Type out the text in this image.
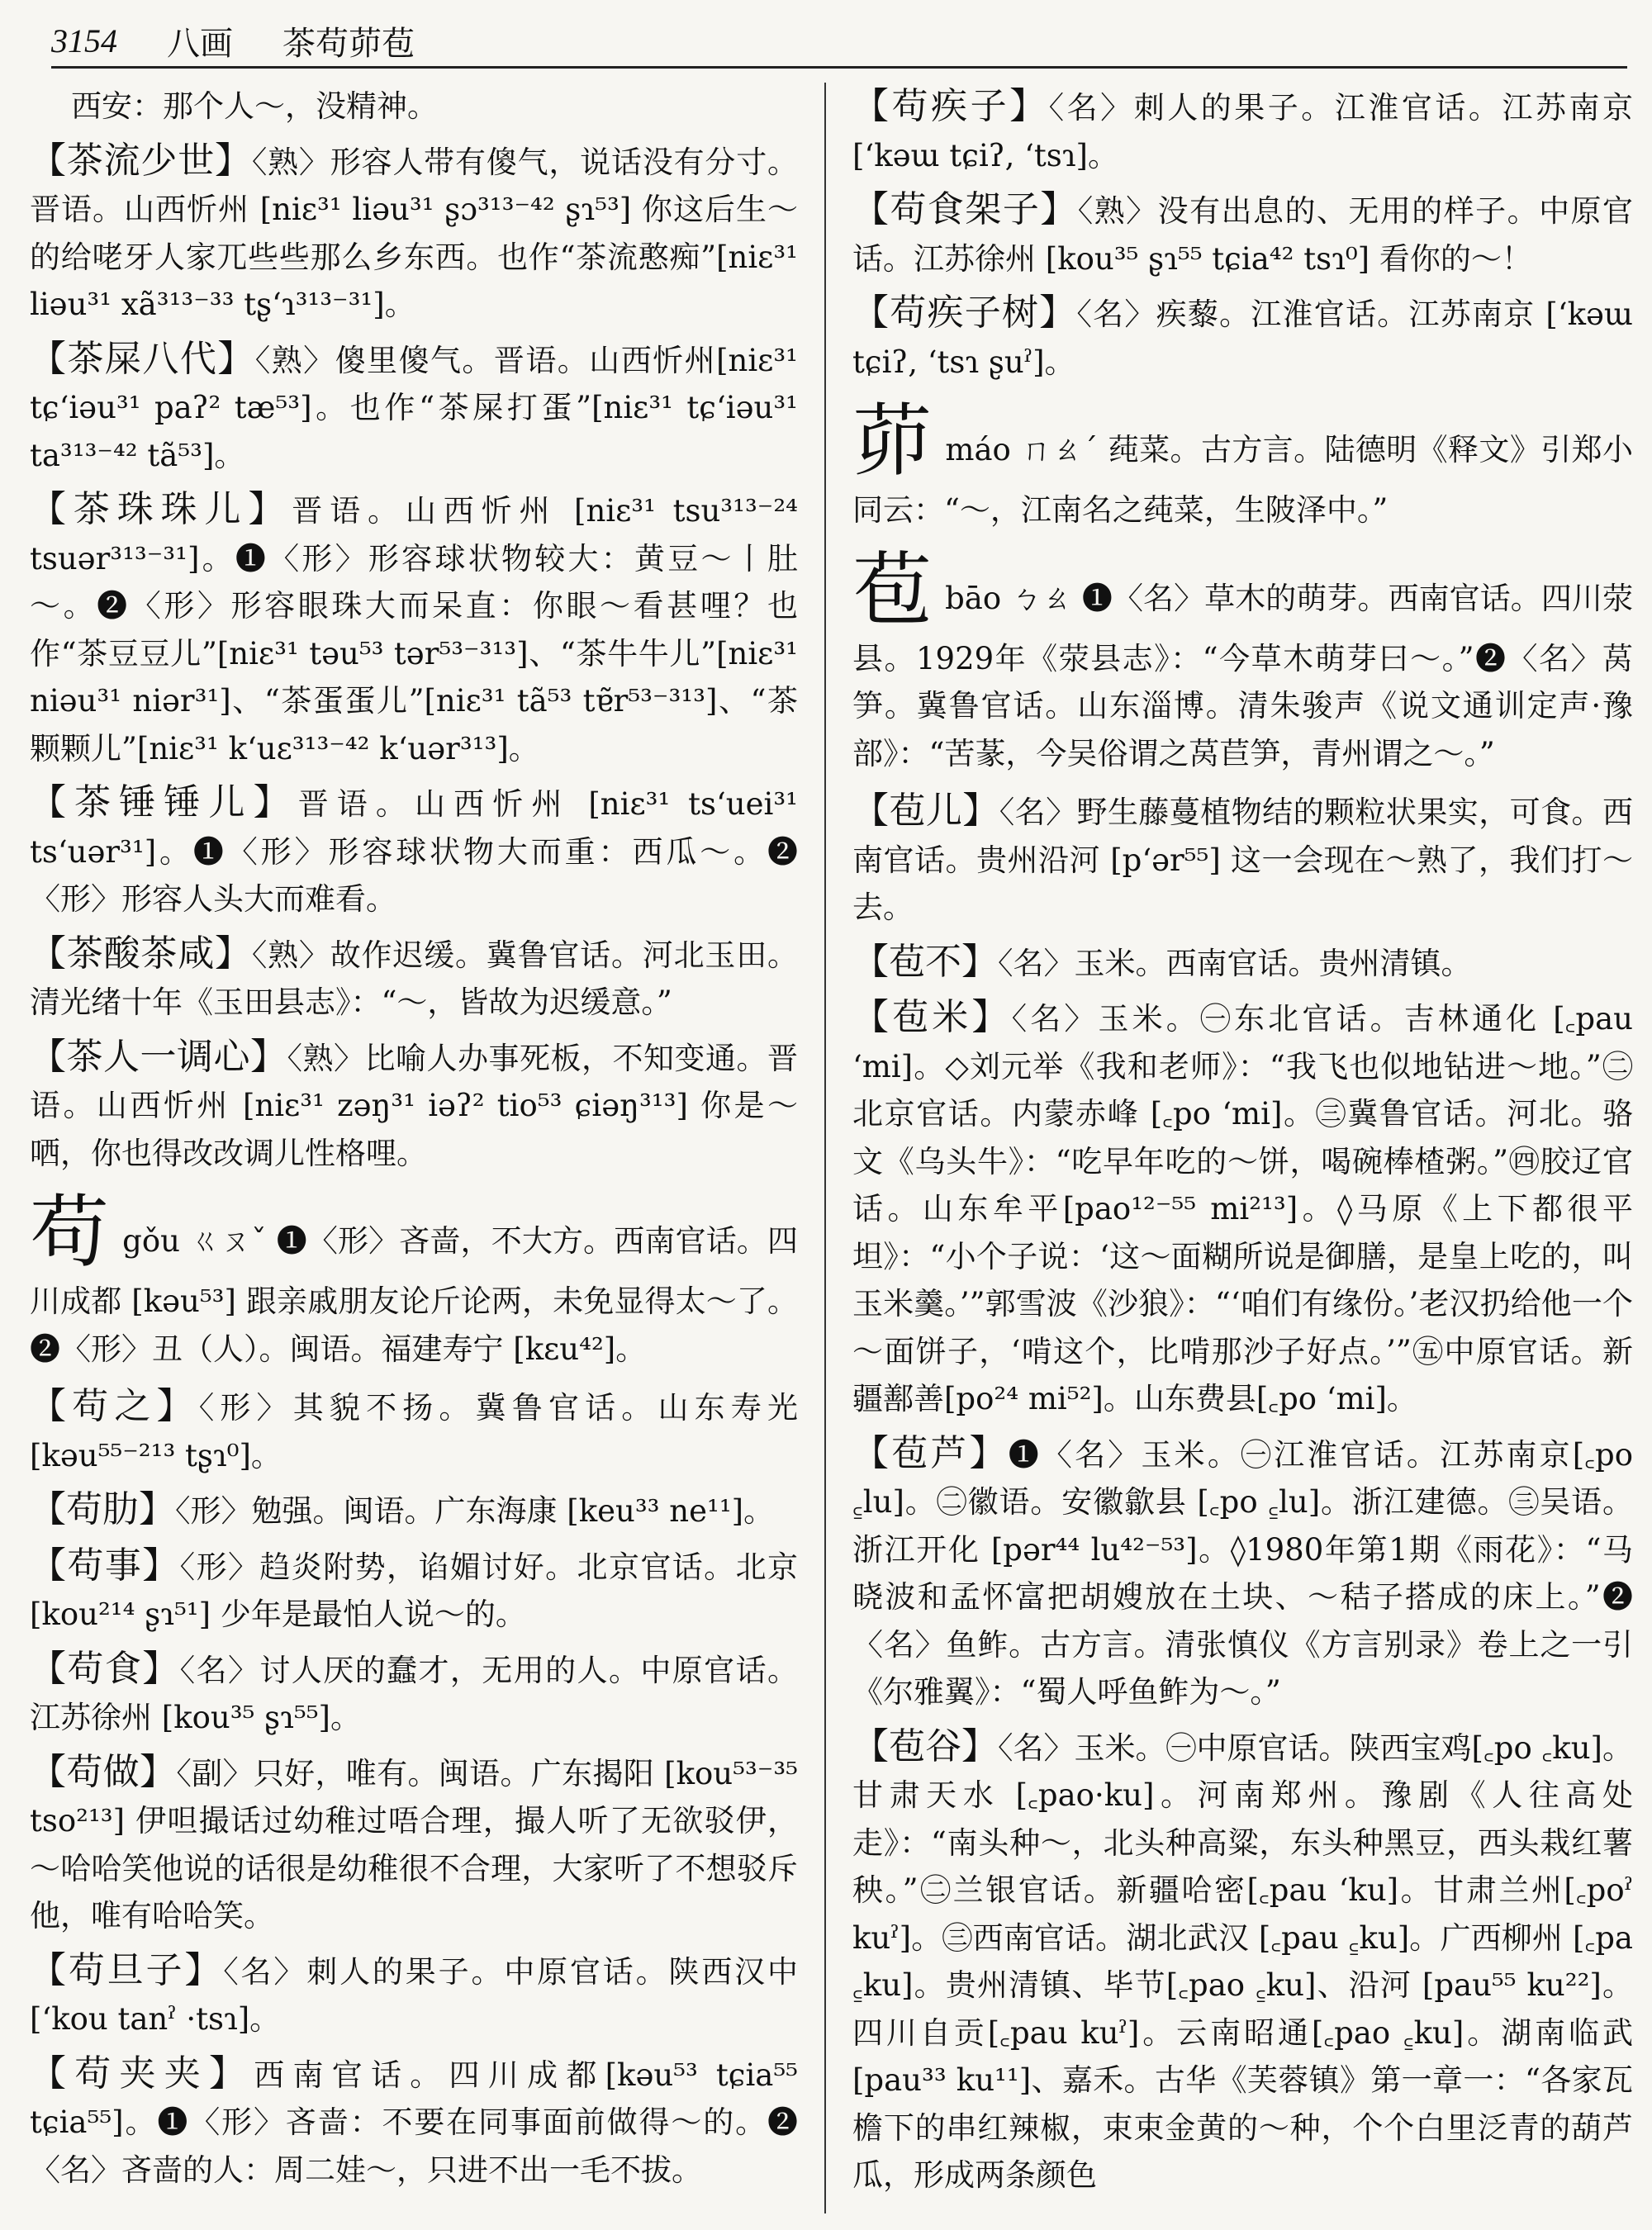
3154 八画 茶苟茆苞
西安：那个人～，没精神。
【茶流少世】〈熟〉形容人带有傻气，说话没有分寸。晋语。山西忻州 [niɛ³¹ liəu³¹ ʂɔ³¹³⁻⁴² ʂɿ⁵³] 你这后生～的给咾牙人家兀些些那么乡东西。也作“茶流憨痴”[niɛ³¹ liəu³¹ xã³¹³⁻³³ tʂʻɿ³¹³⁻³¹]。
【茶屎八代】〈熟〉傻里傻气。晋语。山西忻州[niɛ³¹ tɕʻiəu³¹ paʔ² tæ⁵³]。也作“茶屎打蛋”[niɛ³¹ tɕʻiəu³¹ ta³¹³⁻⁴² tã⁵³]。
【茶珠珠儿】晋语。山西忻州 [niɛ³¹ tsu³¹³⁻²⁴ tsuər³¹³⁻³¹]。❶〈形〉形容球状物较大：黄豆～丨肚～。❷〈形〉形容眼珠大而呆直：你眼～看甚哩？也作“茶豆豆儿”[niɛ³¹ təu⁵³ tər⁵³⁻³¹³]、“茶牛牛儿”[niɛ³¹ niəu³¹ niər³¹]、“茶蛋蛋儿”[niɛ³¹ tã⁵³ tɐ̃r⁵³⁻³¹³]、“茶颗颗儿”[niɛ³¹ kʻuɛ³¹³⁻⁴² kʻuər³¹³]。
【茶锤锤儿】晋语。山西忻州 [niɛ³¹ tsʻuei³¹ tsʻuər³¹]。❶〈形〉形容球状物大而重：西瓜～。❷〈形〉形容人头大而难看。
【茶酸茶咸】〈熟〉故作迟缓。冀鲁官话。河北玉田。清光绪十年《玉田县志》：“～，皆故为迟缓意。”
【茶人一调心】〈熟〉比喻人办事死板，不知变通。晋语。山西忻州 [niɛ³¹ zəŋ³¹ iəʔ² tio⁵³ ɕiəŋ³¹³] 你是～哂，你也得改改调儿性格哩。
苟gǒu ㄍㄡˇ ❶〈形〉吝啬，不大方。西南官话。四川成都 [kəu⁵³] 跟亲戚朋友论斤论两，未免显得太～了。❷〈形〉丑（人）。闽语。福建寿宁 [kɛu⁴²]。
【苟之】〈形〉其貌不扬。冀鲁官话。山东寿光[kəu⁵⁵⁻²¹³ tʂɿ⁰]。
【苟肋】〈形〉勉强。闽语。广东海康 [keu³³ ne¹¹]。
【苟事】〈形〉趋炎附势，谄媚讨好。北京官话。北京 [kou²¹⁴ ʂɿ⁵¹] 少年是最怕人说～的。
【苟食】〈名〉讨人厌的蠢才，无用的人。中原官话。江苏徐州 [kou³⁵ ʂɿ⁵⁵]。
【苟做】〈副〉只好，唯有。闽语。广东揭阳 [kou⁵³⁻³⁵ tso²¹³] 伊呾撮话过幼稚过唔合理，撮人听了无欲驳伊，～哈哈笑他说的话很是幼稚很不合理，大家听了不想驳斥他，唯有哈哈笑。
【苟旦子】〈名〉刺人的果子。中原官话。陕西汉中 [ʻkou tanˀ ·tsɿ]。
【苟夹夹】西南官话。四川成都[kəu⁵³ tɕia⁵⁵ tɕia⁵⁵]。❶〈形〉吝啬：不要在同事面前做得～的。❷〈名〉吝啬的人：周二娃～，只进不出一毛不拔。
【苟疾子】〈名〉刺人的果子。江淮官话。江苏南京 [ʻkəɯ tɕiʔ, ʻtsɿ]。
【苟食架子】〈熟〉没有出息的、无用的样子。中原官话。江苏徐州 [kou³⁵ ʂɿ⁵⁵ tɕia⁴² tsɿ⁰] 看你的～！
【苟疾子树】〈名〉疾藜。江淮官话。江苏南京 [ʻkəɯ tɕiʔ, ʻtsɿ ʂuˀ]。
茆máo ㄇㄠˊ 莼菜。古方言。陆德明《释文》引郑小同云：“～，江南名之莼菜，生陂泽中。”
苞bāo ㄅㄠ ❶〈名〉草木的萌芽。西南官话。四川荥县。1929年《荥县志》：“今草木萌芽曰～。”❷〈名〉莴笋。冀鲁官话。山东淄博。清朱骏声《说文通训定声·豫部》：“苦蒃，今吴俗谓之莴苣笋，青州谓之～。”
【苞儿】〈名〉野生藤蔓植物结的颗粒状果实，可食。西南官话。贵州沿河 [pʻər⁵⁵] 这一会现在～熟了，我们打～去。
【苞不】〈名〉玉米。西南官话。贵州清镇。
【苞米】〈名〉玉米。㊀东北官话。吉林通化 [꜀pau ʻmi]。◇刘元举《我和老师》：“我飞也似地钻进～地。”㊁北京官话。内蒙赤峰 [꜀po ʻmi]。㊂冀鲁官话。河北。骆文《乌头牛》：“吃早年吃的～饼，喝碗棒楂粥。”㊃胶辽官话。山东牟平[pao¹²⁻⁵⁵ mi²¹³]。◊马原《上下都很平坦》：“小个子说：‘这～面糊所说是御膳，是皇上吃的，叫玉米羹。’”郭雪波《沙狼》：“‘咱们有缘份。’老汉扔给他一个～面饼子，‘啃这个，比啃那沙子好点。’”㊄中原官话。新疆鄯善[po²⁴ mi⁵²]。山东费县[꜀po ʻmi]。
【苞芦】❶〈名〉玉米。㊀江淮官话。江苏南京[꜀po ꜁lu]。㊁徽语。安徽歙县 [꜀po ꜁lu]。浙江建德。㊂吴语。浙江开化 [pər⁴⁴ lu⁴²⁻⁵³]。◊1980年第1期《雨花》：“马晓波和孟怀富把胡嫂放在土块、～秸子搭成的床上。”❷〈名〉鱼鲊。古方言。清张慎仪《方言别录》卷上之一引《尔雅翼》：“蜀人呼鱼鲊为～。”
【苞谷】〈名〉玉米。㊀中原官话。陕西宝鸡[꜀po ꜀ku]。甘肃天水 [꜀pao·ku]。河南郑州。豫剧《人往高处走》：“南头种～，北头种高粱，东头种黑豆，西头栽红薯秧。”㊁兰银官话。新疆哈密[꜀pau ʻku]。甘肃兰州[꜀poˀ kuˀ]。㊂西南官话。湖北武汉 [꜀pau ꜁ku]。广西柳州 [꜀pa ꜁ku]。贵州清镇、毕节[꜀pao ꜁ku]、沿河 [pau⁵⁵ ku²²]。四川自贡[꜀pau kuˀ]。云南昭通[꜀pao ꜁ku]。湖南临武[pau³³ ku¹¹]、嘉禾。古华《芙蓉镇》第一章一：“各家瓦檐下的串红辣椒，束束金黄的～种，个个白里泛青的葫芦瓜，形成两条颜色
